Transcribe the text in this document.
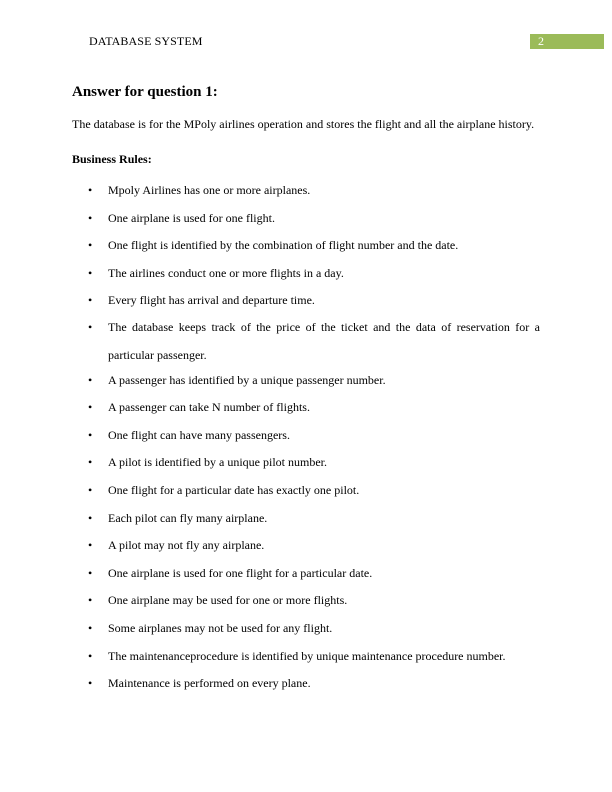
DATABASE SYSTEM	2
Answer for question 1:

The database is for the MPoly airlines operation and stores the flight and all the airplane history.

Business Rules:

• Mpoly Airlines has one or more airplanes.
• One airplane is used for one flight.
• One flight is identified by the combination of flight number and the date.
• The airlines conduct one or more flights in a day.
• Every flight has arrival and departure time.
• The database keeps track of the price of the ticket and the data of reservation for a particular passenger.
• A passenger has identified by a unique passenger number.
• A passenger can take N number of flights.
• One flight can have many passengers.
• A pilot is identified by a unique pilot number.
• One flight for a particular date has exactly one pilot.
• Each pilot can fly many airplane.
• A pilot may not fly any airplane.
• One airplane is used for one flight for a particular date.
• One airplane may be used for one or more flights.
• Some airplanes may not be used for any flight.
• The maintenanceprocedure is identified by unique maintenance procedure number.
• Maintenance is performed on every plane.
